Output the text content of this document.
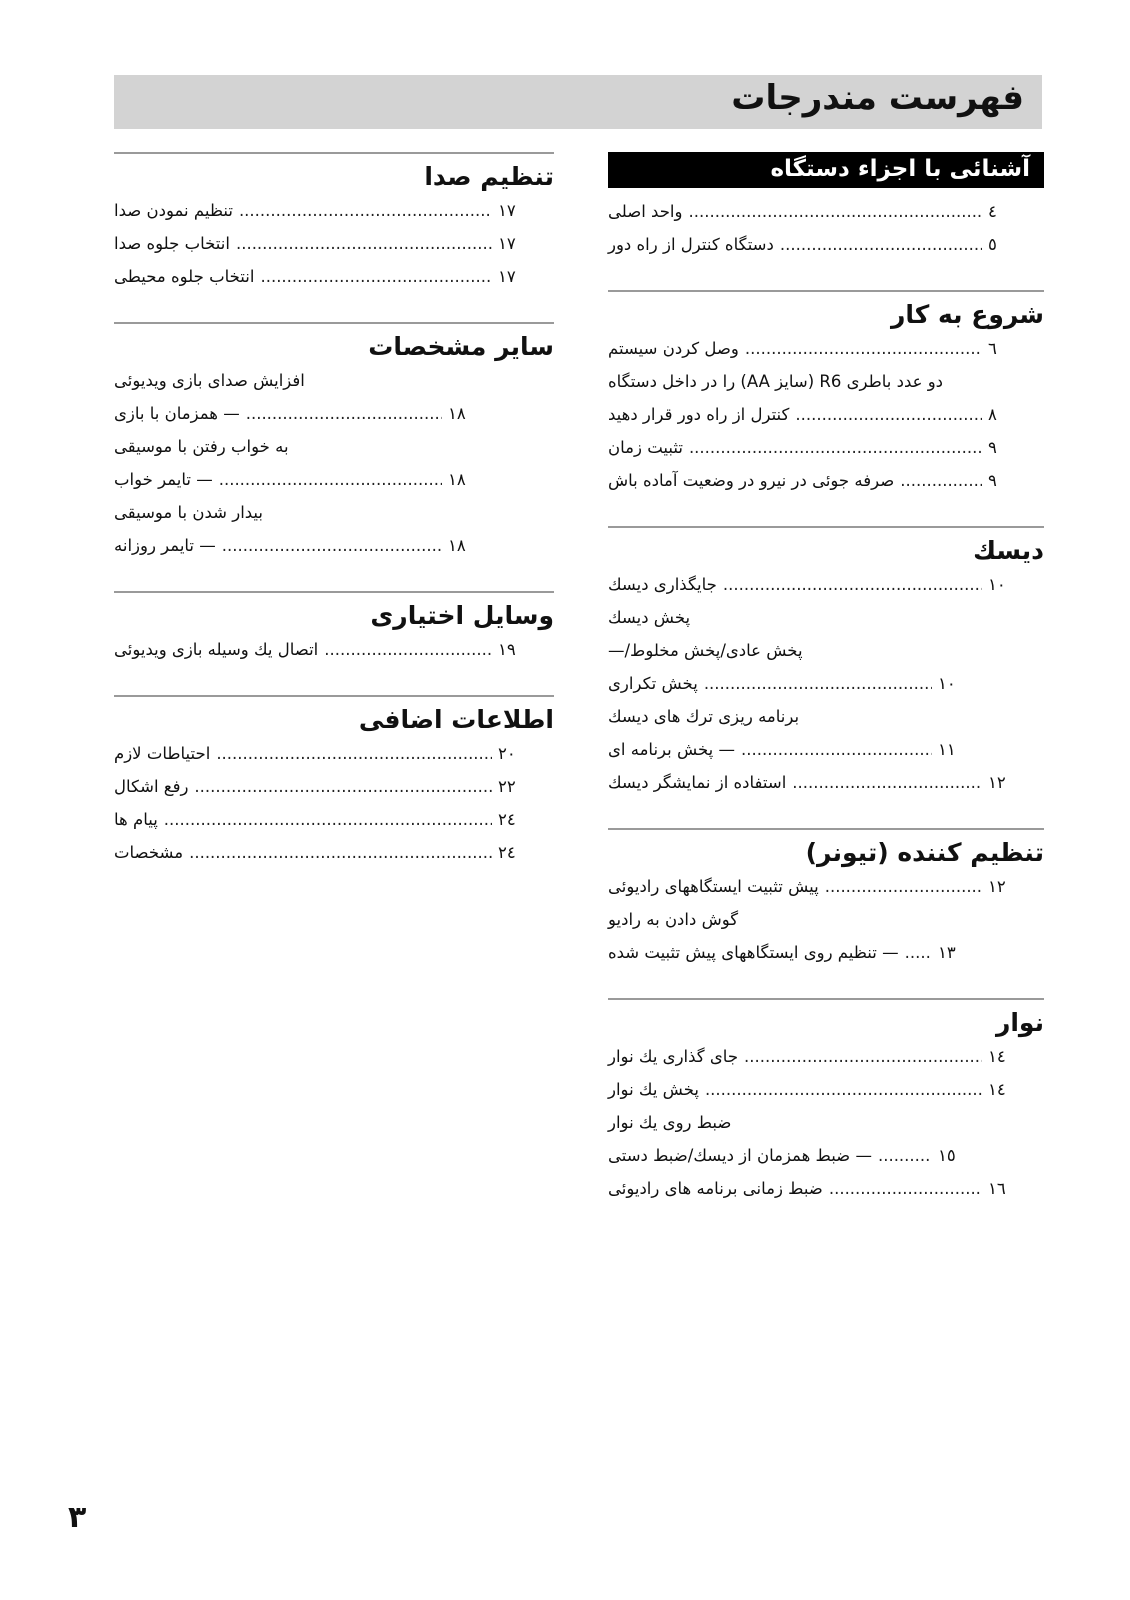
فهرست مندرجات
آشنائی با اجزاء دستگاه
واحد اصلی .....	٤
دستگاه کنترل از راه دور .....	٥
شروع به کار
وصل کردن سیستم .....	٦
دو عدد باطری R6 (سایز AA) را در داخل دستگاه
کنترل از راه دور قرار دهید .....	٨
تثبیت زمان .....	٩
صرفه جوئی در نیرو در وضعیت آماده باش .....	٩
دیسك
جایگذاری دیسك .....	١٠
پخش دیسك
— پخش عادی/پخش مخلوط/
پخش تکراری .....	١٠
برنامه ریزی ترك های دیسك
— پخش برنامه ای .....	١١
استفاده از نمایشگر دیسك .....	١٢
تنظیم کننده (تیونر)
پیش تثبیت ایستگاههای رادیوئی .....	١٢
گوش دادن به رادیو
— تنظیم روی ایستگاههای پیش تثبیت شده .....	١٣
نوار
جای گذاری يك نوار .....	١٤
پخش يك نوار .....	١٤
ضبط روی يك نوار
— ضبط همزمان از دیسك/ضبط دستی .....	١٥
ضبط زمانی برنامه های رادیوئی .....	١٦
تنظیم صدا
تنظیم نمودن صدا .....	١٧
انتخاب جلوه صدا .....	١٧
انتخاب جلوه محیطی .....	١٧
سایر مشخصات
افزایش صدای بازی ویدیوئی
— همزمان با بازی .....	١٨
به خواب رفتن با موسیقی
— تایمر خواب .....	١٨
بیدار شدن با موسیقی
— تایمر روزانه .....	١٨
وسایل اختیاری
اتصال يك وسيله بازی ویدیوئی .....	١٩
اطلاعات اضافی
احتیاطات لازم .....	٢٠
رفع اشکال .....	٢٢
پیام ها .....	٢٤
مشخصات .....	٢٤
٣
